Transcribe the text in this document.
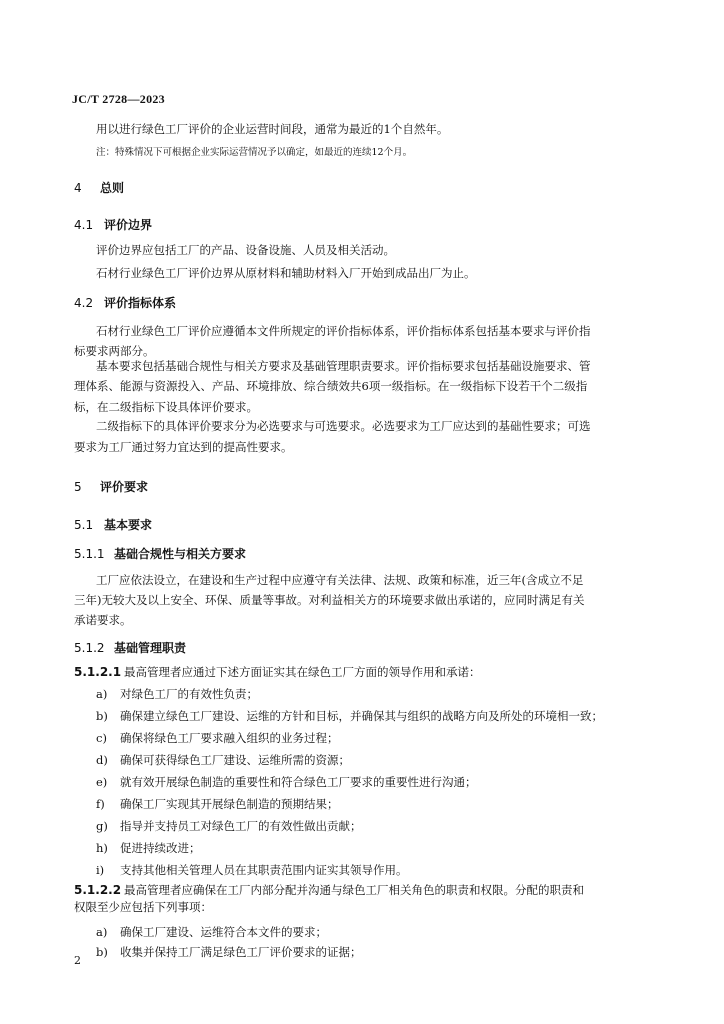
JC/T 2728—2023
用以进行绿色工厂评价的企业运营时间段，通常为最近的1个自然年。
注：特殊情况下可根据企业实际运营情况予以确定，如最近的连续12个月。
4 总则
4.1 评价边界
评价边界应包括工厂的产品、设备设施、人员及相关活动。
石材行业绿色工厂评价边界从原材料和辅助材料入厂开始到成品出厂为止。
4.2 评价指标体系
石材行业绿色工厂评价应遵循本文件所规定的评价指标体系，评价指标体系包括基本要求与评价指
标要求两部分。
基本要求包括基础合规性与相关方要求及基础管理职责要求。评价指标要求包括基础设施要求、管
理体系、能源与资源投入、产品、环境排放、综合绩效共6项一级指标。在一级指标下设若干个二级指
标，在二级指标下设具体评价要求。
二级指标下的具体评价要求分为必选要求与可选要求。必选要求为工厂应达到的基础性要求；可选
要求为工厂通过努力宜达到的提高性要求。
5 评价要求
5.1 基本要求
5.1.1 基础合规性与相关方要求
工厂应依法设立，在建设和生产过程中应遵守有关法律、法规、政策和标准，近三年(含成立不足
三年)无较大及以上安全、环保、质量等事故。对利益相关方的环境要求做出承诺的，应同时满足有关
承诺要求。
5.1.2 基础管理职责
5.1.2.1 最高管理者应通过下述方面证实其在绿色工厂方面的领导作用和承诺：
a) 对绿色工厂的有效性负责；
b) 确保建立绿色工厂建设、运维的方针和目标，并确保其与组织的战略方向及所处的环境相一致；
c) 确保将绿色工厂要求融入组织的业务过程；
d) 确保可获得绿色工厂建设、运维所需的资源；
e) 就有效开展绿色制造的重要性和符合绿色工厂要求的重要性进行沟通；
f) 确保工厂实现其开展绿色制造的预期结果；
g) 指导并支持员工对绿色工厂的有效性做出贡献；
h) 促进持续改进；
i) 支持其他相关管理人员在其职责范围内证实其领导作用。
5.1.2.2 最高管理者应确保在工厂内部分配并沟通与绿色工厂相关角色的职责和权限。分配的职责和
权限至少应包括下列事项：
a) 确保工厂建设、运维符合本文件的要求；
b) 收集并保持工厂满足绿色工厂评价要求的证据；
2
